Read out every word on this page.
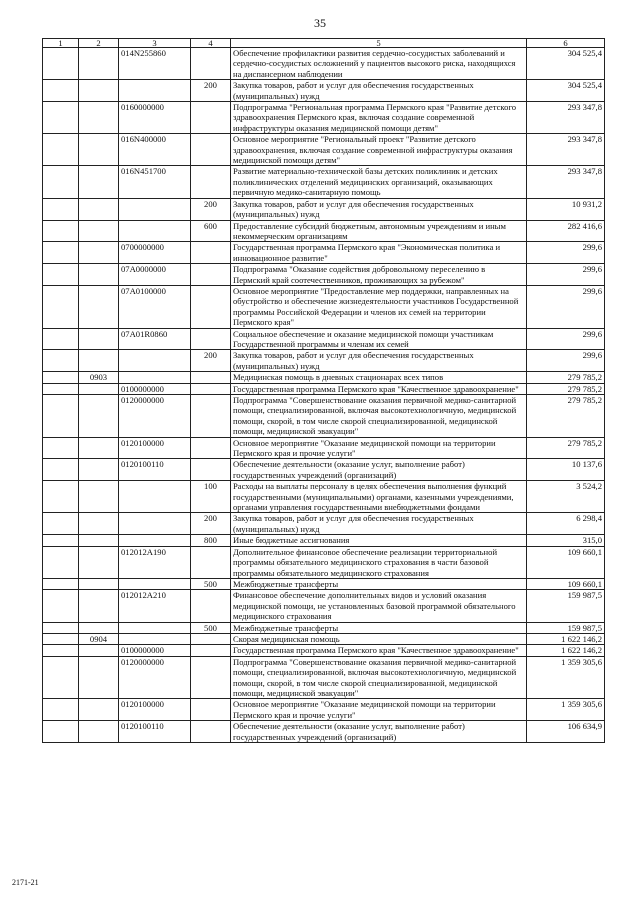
35
1	2	3	4	5	6
		014N255860		Обеспечение профилактики развития сердечно-сосудистых заболеваний и сердечно-сосудистых осложнений у пациентов высокого риска, находящихся на диспансерном наблюдении	304 525,4
			200	Закупка товаров, работ и услуг для обеспечения государственных (муниципальных) нужд	304 525,4
		0160000000		Подпрограмма "Региональная программа Пермского края "Развитие детского здравоохранения Пермского края, включая создание современной инфраструктуры оказания медицинской помощи детям"	293 347,8
		016N400000		Основное мероприятие "Региональный проект "Развитие детского здравоохранения, включая создание современной инфраструктуры оказания медицинской помощи детям"	293 347,8
		016N451700		Развитие материально-технической базы детских поликлиник и детских поликлинических отделений медицинских организаций, оказывающих первичную медико-санитарную помощь	293 347,8
			200	Закупка товаров, работ и услуг для обеспечения государственных (муниципальных) нужд	10 931,2
			600	Предоставление субсидий бюджетным, автономным учреждениям и иным некоммерческим организациям	282 416,6
		0700000000		Государственная программа Пермского края "Экономическая политика и инновационное развитие"	299,6
		07А0000000		Подпрограмма "Оказание содействия добровольному переселению в Пермский край соотечественников, проживающих за рубежом"	299,6
		07А0100000		Основное мероприятие "Предоставление мер поддержки, направленных на обустройство и обеспечение жизнедеятельности участников Государственной программы Российской Федерации и членов их семей на территории Пермского края"	299,6
		07А01R0860		Социальное обеспечение и оказание медицинской помощи участникам Государственной программы и членам их семей	299,6
			200	Закупка товаров, работ и услуг для обеспечения государственных (муниципальных) нужд	299,6
	0903			Медицинская помощь в дневных стационарах всех типов	279 785,2
		0100000000		Государственная программа Пермского края "Качественное здравоохранение"	279 785,2
		0120000000		Подпрограмма "Совершенствование оказания первичной медико-санитарной помощи, специализированной, включая высокотехнологичную, медицинской помощи, скорой, в том числе скорой специализированной, медицинской помощи, медицинской эвакуации"	279 785,2
		0120100000		Основное мероприятие "Оказание медицинской помощи на территории Пермского края и прочие услуги"	279 785,2
		0120100110		Обеспечение деятельности (оказание услуг, выполнение работ) государственных учреждений (организаций)	10 137,6
			100	Расходы на выплаты персоналу в целях обеспечения выполнения функций государственными (муниципальными) органами, казенными учреждениями, органами управления государственными внебюджетными фондами	3 524,2
			200	Закупка товаров, работ и услуг для обеспечения государственных (муниципальных) нужд	6 298,4
			800	Иные бюджетные ассигнования	315,0
		012012А190		Дополнительное финансовое обеспечение реализации территориальной программы обязательного медицинского страхования в части базовой программы обязательного медицинского страхования	109 660,1
			500	Межбюджетные трансферты	109 660,1
		012012А210		Финансовое обеспечение дополнительных видов и условий оказания медицинской помощи, не установленных базовой программой обязательного медицинского страхования	159 987,5
			500	Межбюджетные трансферты	159 987,5
	0904			Скорая медицинская помощь	1 622 146,2
		0100000000		Государственная программа Пермского края "Качественное здравоохранение"	1 622 146,2
		0120000000		Подпрограмма "Совершенствование оказания первичной медико-санитарной помощи, специализированной, включая высокотехнологичную, медицинской помощи, скорой, в том числе скорой специализированной, медицинской помощи, медицинской эвакуации"	1 359 305,6
		0120100000		Основное мероприятие "Оказание медицинской помощи на территории Пермского края и прочие услуги"	1 359 305,6
		0120100110		Обеспечение деятельности (оказание услуг, выполнение работ) государственных учреждений (организаций)	106 634,9
2171-21
